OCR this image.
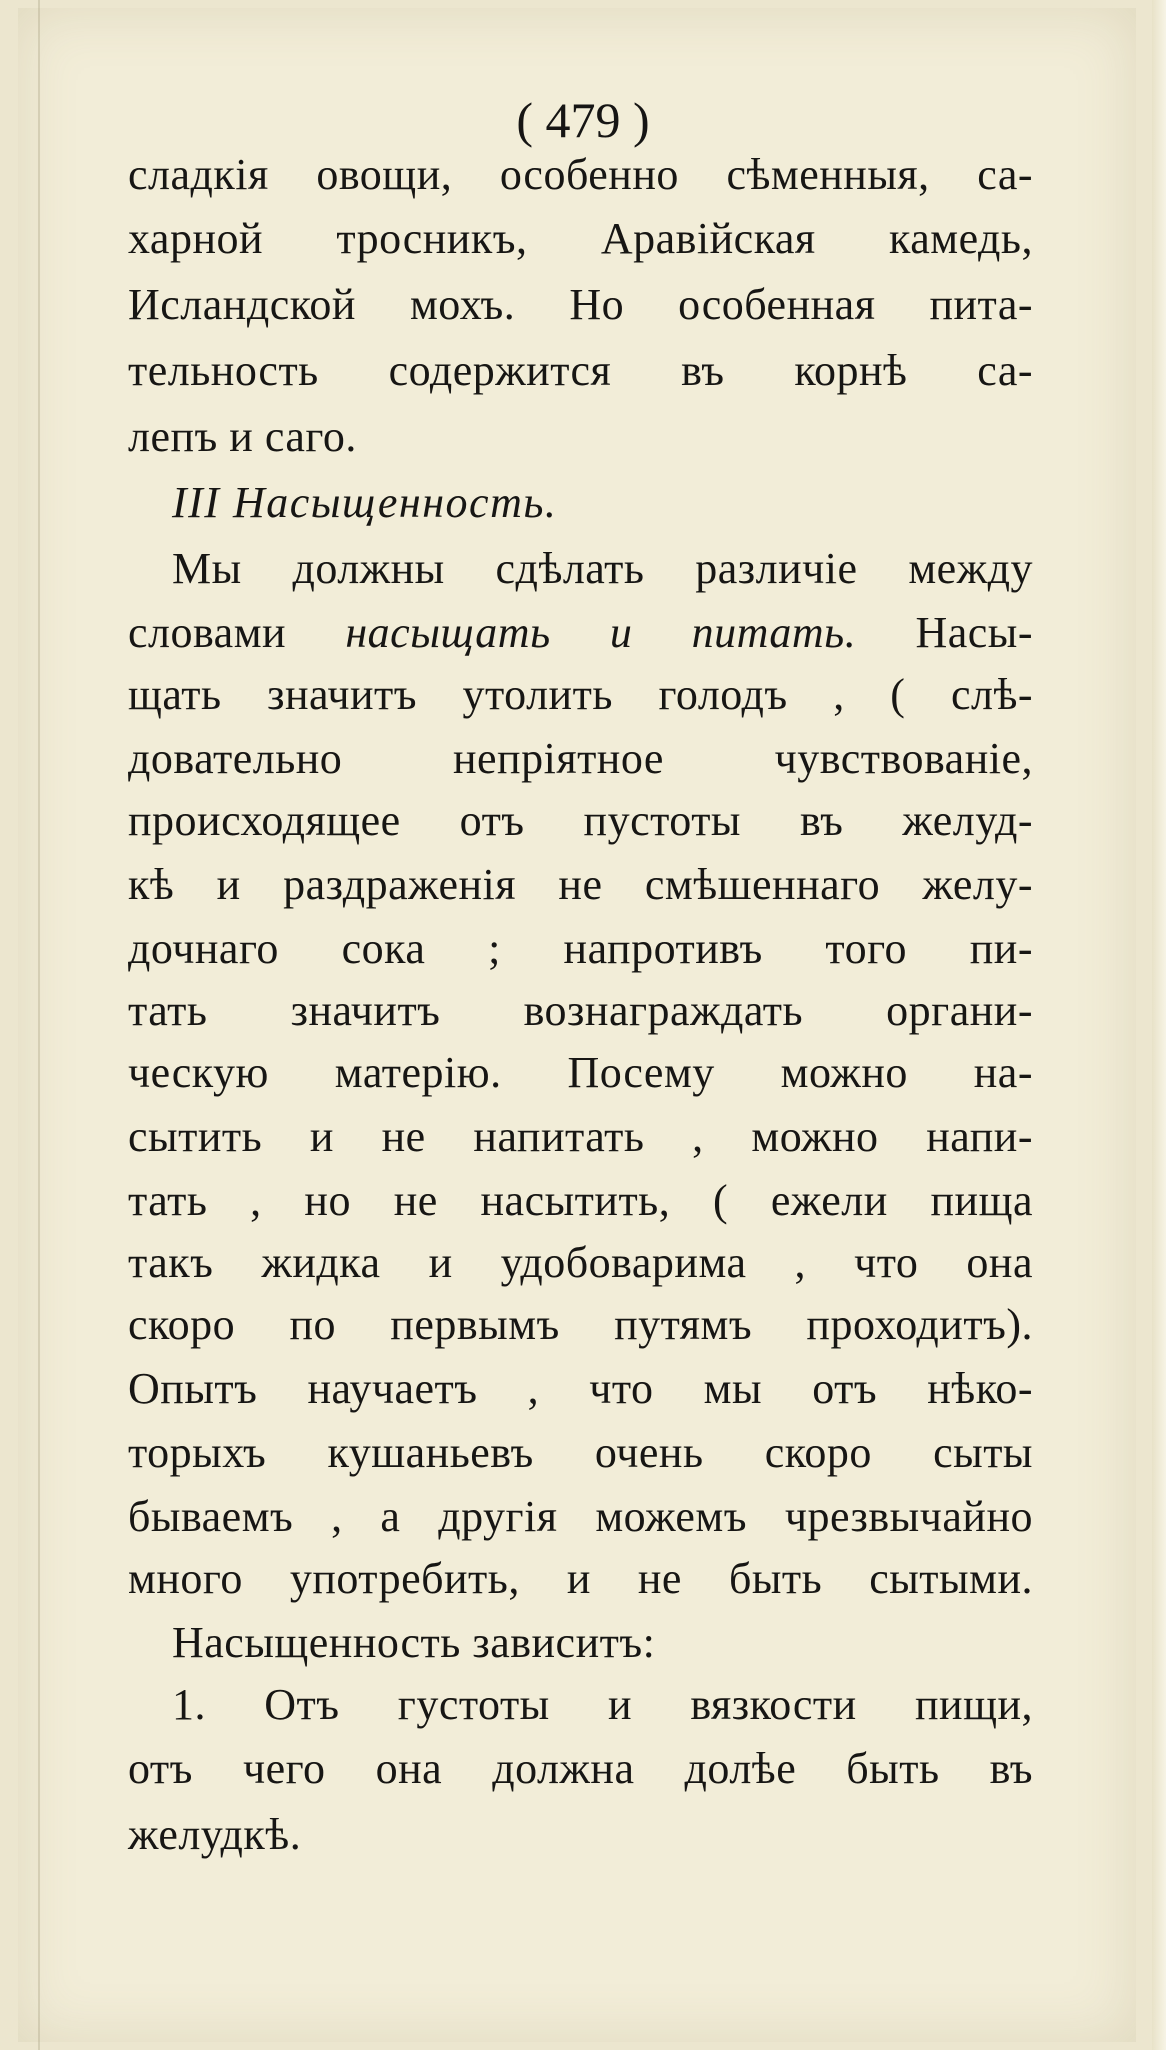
( 479 )
сладкія овощи, особенно сѣменныя, са-
харной тросникъ, Аравійская камедь,
Исландской мохъ. Но особенная пита-
тельность содержится въ корнѣ са-
лепъ и саго.
III Насыщенность.
Мы должны сдѣлать различіе между
словами насыщать и питать. Насы-
щать значитъ утолить голодъ , ( слѣ-
довательно непріятное чувствованіе,
происходящее отъ пустоты въ желуд-
кѣ и раздраженія не смѣшеннаго желу-
дочнаго сока ; напротивъ того пи-
тать значитъ вознаграждать органи-
ческую матерію. Посему можно на-
сытить и не напитать , можно напи-
тать , но не насытить, ( ежели пища
такъ жидка и удобоварима , что она
скоро по первымъ путямъ проходитъ).
Опытъ научаетъ , что мы отъ нѣко-
торыхъ кушаньевъ очень скоро сыты
бываемъ , а другія можемъ чрезвычайно
много употребить, и не быть сытыми.
Насыщенность зависитъ:
1. Отъ густоты и вязкости пищи,
отъ чего она должна долѣе быть въ
желудкѣ.
